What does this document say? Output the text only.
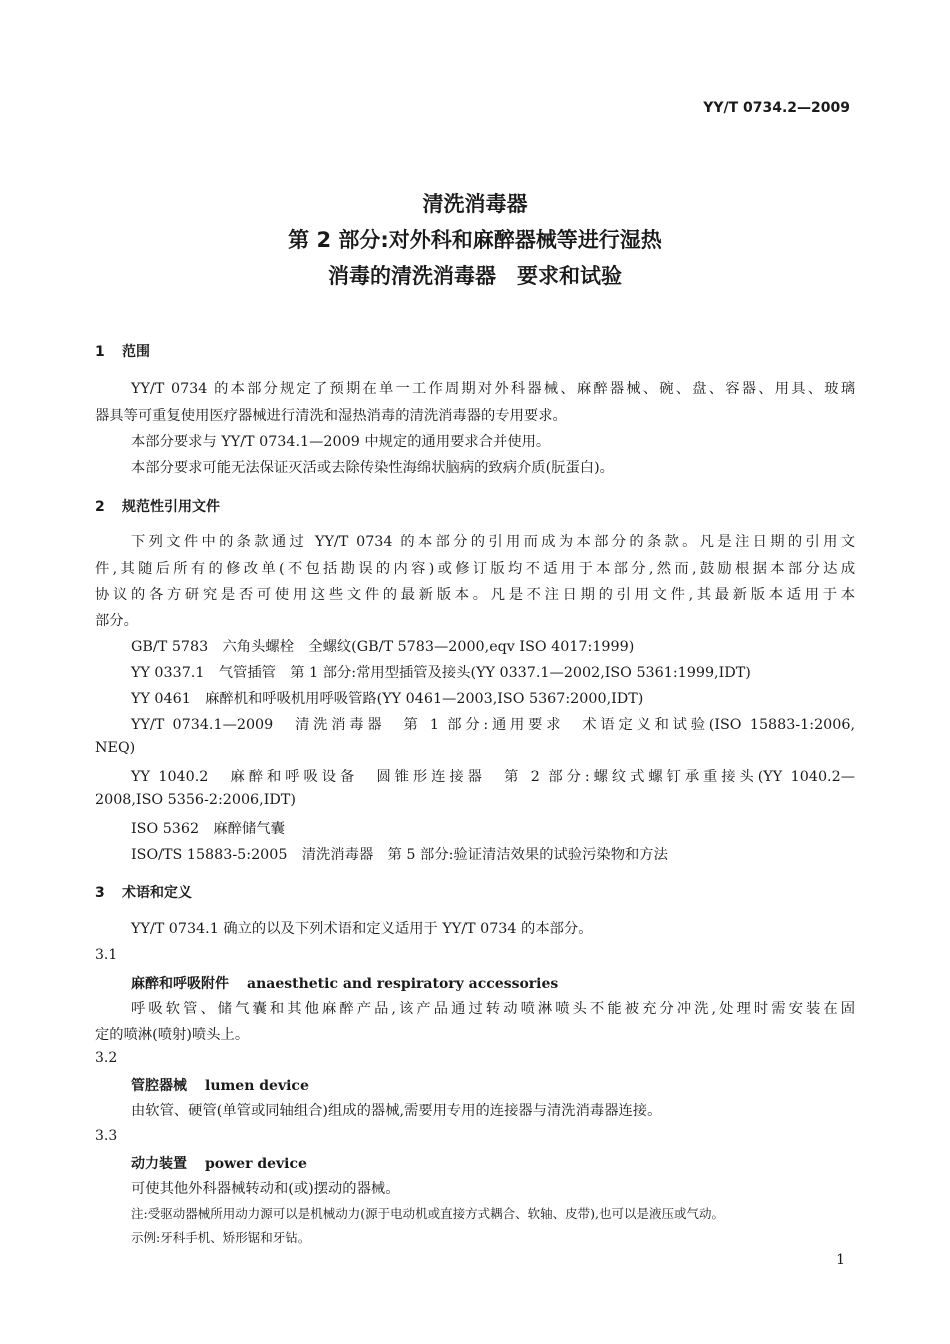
YY/T 0734.2—2009
清洗消毒器
第 2 部分:对外科和麻醉器械等进行湿热
消毒的清洗消毒器　要求和试验
1 范围
YY/T 0734 的本部分规定了预期在单一工作周期对外科器械、麻醉器械、碗、盘、容器、用具、玻璃
器具等可重复使用医疗器械进行清洗和湿热消毒的清洗消毒器的专用要求。
本部分要求与 YY/T 0734.1—2009 中规定的通用要求合并使用。
本部分要求可能无法保证灭活或去除传染性海绵状脑病的致病介质(朊蛋白)。
2 规范性引用文件
下列文件中的条款通过 YY/T 0734 的本部分的引用而成为本部分的条款。凡是注日期的引用文
件,其随后所有的修改单(不包括勘误的内容)或修订版均不适用于本部分,然而,鼓励根据本部分达成
协议的各方研究是否可使用这些文件的最新版本。凡是不注日期的引用文件,其最新版本适用于本
部分。
GB/T 5783　六角头螺栓　全螺纹(GB/T 5783—2000,eqv ISO 4017:1999)
YY 0337.1　气管插管　第 1 部分:常用型插管及接头(YY 0337.1—2002,ISO 5361:1999,IDT)
YY 0461　麻醉机和呼吸机用呼吸管路(YY 0461—2003,ISO 5367:2000,IDT)
YY/T 0734.1—2009　清洗消毒器　第 1 部分:通用要求　术语定义和试验(ISO 15883-1:2006,
NEQ)
YY 1040.2　麻醉和呼吸设备　圆锥形连接器　第 2 部分:螺纹式螺钉承重接头(YY 1040.2—
2008,ISO 5356-2:2006,IDT)
ISO 5362　麻醉储气囊
ISO/TS 15883-5:2005　清洗消毒器　第 5 部分:验证清洁效果的试验污染物和方法
3 术语和定义
YY/T 0734.1 确立的以及下列术语和定义适用于 YY/T 0734 的本部分。
3.1
麻醉和呼吸附件 anaesthetic and respiratory accessories
呼吸软管、储气囊和其他麻醉产品,该产品通过转动喷淋喷头不能被充分冲洗,处理时需安装在固
定的喷淋(喷射)喷头上。
3.2
管腔器械 lumen device
由软管、硬管(单管或同轴组合)组成的器械,需要用专用的连接器与清洗消毒器连接。
3.3
动力装置 power device
可使其他外科器械转动和(或)摆动的器械。
注:受驱动器械所用动力源可以是机械动力(源于电动机或直接方式耦合、软轴、皮带),也可以是液压或气动。
示例:牙科手机、矫形锯和牙钻。
1
